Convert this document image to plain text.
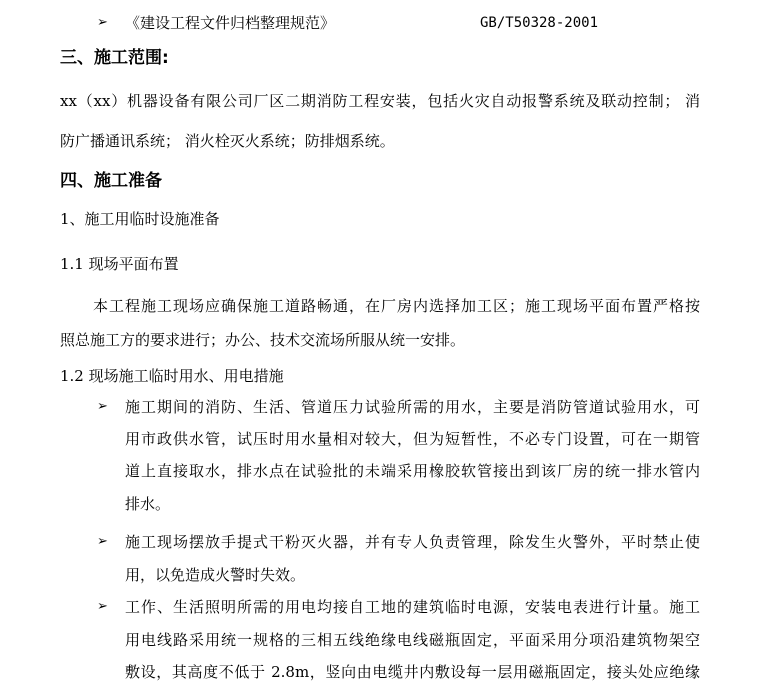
➢ 《建设工程文件归档整理规范》	GB/T50328-2001
三、施工范围:
xx（xx）机器设备有限公司厂区二期消防工程安装，包括火灾自动报警系统及联动控制； 消
防广播通讯系统； 消火栓灭火系统；防排烟系统。
四、施工准备
1、施工用临时设施准备
1.1 现场平面布置
本工程施工现场应确保施工道路畅通，在厂房内选择加工区；施工现场平面布置严格按
照总施工方的要求进行；办公、技术交流场所服从统一安排。
1.2 现场施工临时用水、用电措施
➢ 施工期间的消防、生活、管道压力试验所需的用水，主要是消防管道试验用水，可
用市政供水管，试压时用水量相对较大，但为短暂性，不必专门设置，可在一期管
道上直接取水，排水点在试验批的未端采用橡胶软管接出到该厂房的统一排水管内
排水。
➢ 施工现场摆放手提式干粉灭火器，并有专人负责管理，除发生火警外，平时禁止使
用，以免造成火警时失效。
➢ 工作、生活照明所需的用电均接自工地的建筑临时电源，安装电表进行计量。施工
用电线路采用统一规格的三相五线绝缘电线磁瓶固定，平面采用分项沿建筑物架空
敷设，其高度不低于 2.8m，竖向由电缆井内敷设每一层用磁瓶固定，接头处应绝缘
